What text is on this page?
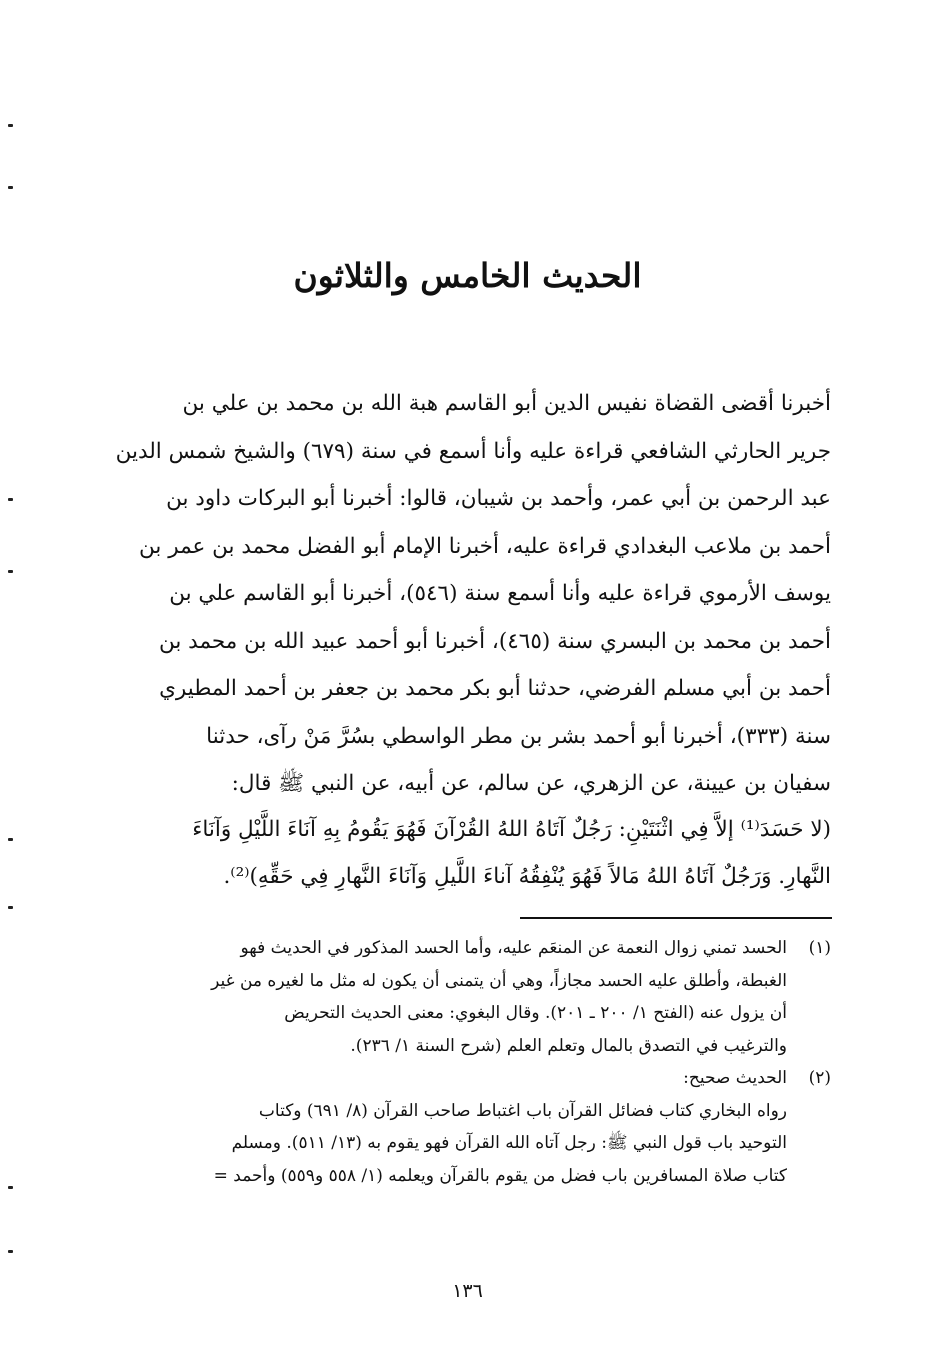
الحديث الخامس والثلاثون
أخبرنا أقضى القضاة نفيس الدين أبو القاسم هبة الله بن محمد بن علي بن
جرير الحارثي الشافعي قراءة عليه وأنا أسمع في سنة (٦٧٩) والشيخ شمس الدين
عبد الرحمن بن أبي عمر، وأحمد بن شيبان، قالوا: أخبرنا أبو البركات داود بن
أحمد بن ملاعب البغدادي قراءة عليه، أخبرنا الإمام أبو الفضل محمد بن عمر بن
يوسف الأرموي قراءة عليه وأنا أسمع سنة (٥٤٦)، أخبرنا أبو القاسم علي بن
أحمد بن محمد بن البسري سنة (٤٦٥)، أخبرنا أبو أحمد عبيد الله بن محمد بن
أحمد بن أبي مسلم الفرضي، حدثنا أبو بكر محمد بن جعفر بن أحمد المطيري
سنة (٣٣٣)، أخبرنا أبو أحمد بشر بن مطر الواسطي بسُرَّ مَنْ رآى، حدثنا
سفيان بن عيينة، عن الزهري، عن سالم، عن أبيه، عن النبي ﷺ قال:
(لا حَسَدَ⁽¹⁾ إلاَّ فِي اثْنَتَيْنِ: رَجُلٌ آتَاهُ اللهُ القُرْآنَ فَهُوَ يَقُومُ بِهِ آنَاءَ اللَّيْلِ وَآنَاءَ
النَّهارِ. وَرَجُلٌ آتَاهُ اللهُ مَالاً فَهُوَ يُنْفِقُهُ آناءَ اللَّيلِ وَآنَاءَ النَّهارِ فِي حَقِّهِ)⁽²⁾.
(١)
الحسد تمني زوال النعمة عن المنعَم عليه، وأما الحسد المذكور في الحديث فهو
الغبطة، وأطلق عليه الحسد مجازاً، وهي أن يتمنى أن يكون له مثل ما لغيره من غير
أن يزول عنه (الفتح ١/ ٢٠٠ ـ ٢٠١). وقال البغوي: معنى الحديث التحريض
والترغيب في التصدق بالمال وتعلم العلم (شرح السنة ١/ ٢٣٦).
(٢)
الحديث صحيح:
رواه البخاري كتاب فضائل القرآن باب اغتباط صاحب القرآن (٨/ ٦٩١) وكتاب
التوحيد باب قول النبي ﷺ: رجل آتاه الله القرآن فهو يقوم به (١٣/ ٥١١). ومسلم
كتاب صلاة المسافرين باب فضل من يقوم بالقرآن ويعلمه (١/ ٥٥٨ و٥٥٩) وأحمد =
١٣٦
